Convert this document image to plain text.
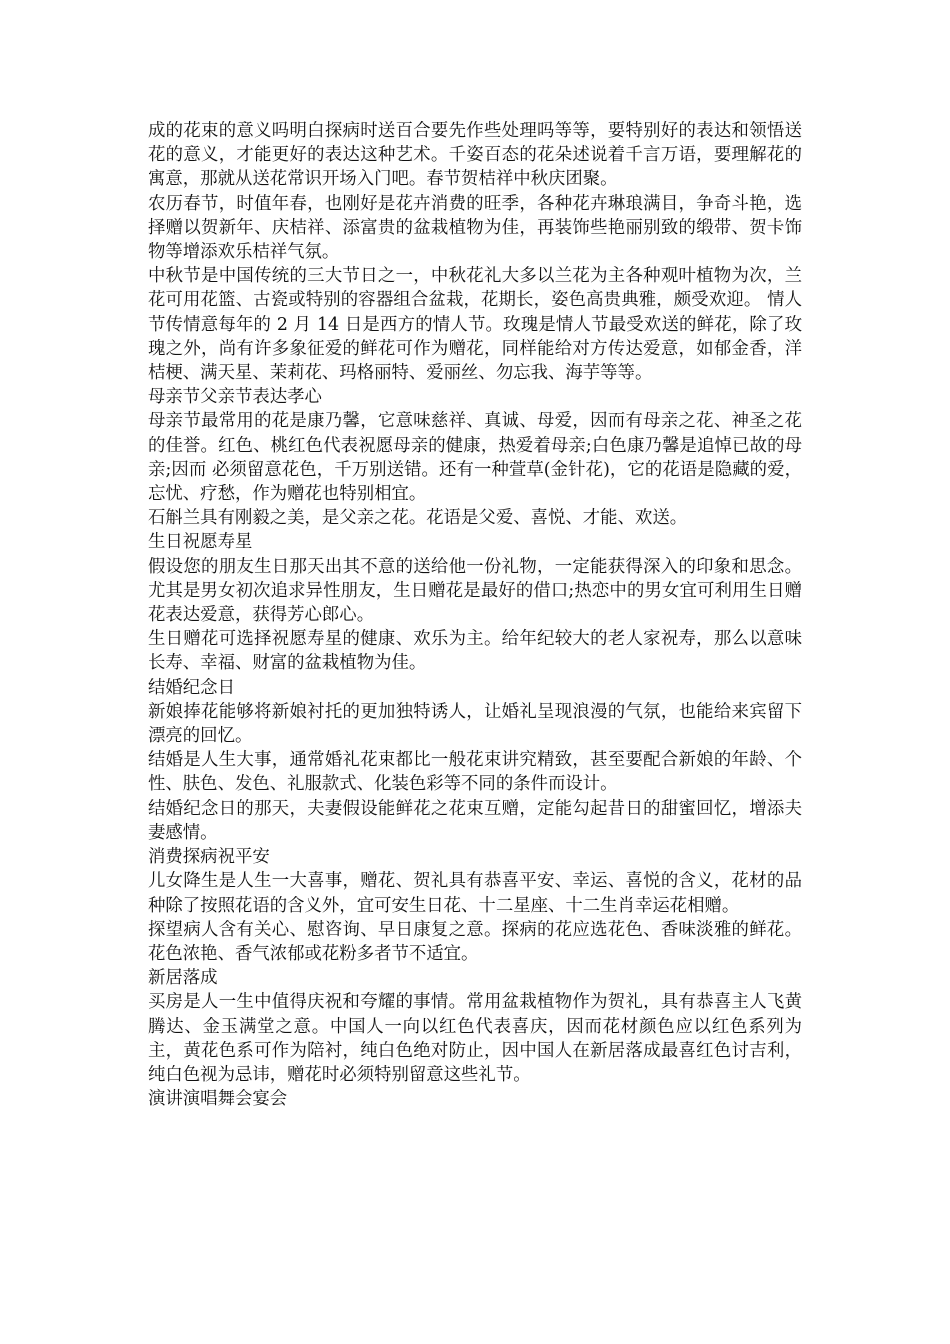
成的花束的意义吗明白探病时送百合要先作些处理吗等等，要特别好的表达和领悟送花的意义，才能更好的表达这种艺术。千姿百态的花朵述说着千言万语，要理解花的寓意，那就从送花常识开场入门吧。春节贺桔祥中秋庆团聚。

农历春节，时值年春，也刚好是花卉消费的旺季，各种花卉琳琅满目，争奇斗艳，选择赠以贺新年、庆桔祥、添富贵的盆栽植物为佳，再装饰些艳丽别致的缎带、贺卡饰物等增添欢乐桔祥气氛。

中秋节是中国传统的三大节日之一，中秋花礼大多以兰花为主各种观叶植物为次，兰花可用花篮、古瓷或特别的容器组合盆栽，花期长，姿色高贵典雅，颇受欢迎。 情人节传情意每年的 2 月 14 日是西方的情人节。玫瑰是情人节最受欢送的鲜花，除了玫瑰之外，尚有许多象征爱的鲜花可作为赠花，同样能给对方传达爱意，如郁金香，洋桔梗、满天星、茉莉花、玛格丽特、爱丽丝、勿忘我、海芋等等。

母亲节父亲节表达孝心

母亲节最常用的花是康乃馨，它意味慈祥、真诚、母爱，因而有母亲之花、神圣之花的佳誉。红色、桃红色代表祝愿母亲的健康，热爱着母亲;白色康乃馨是追悼已故的母亲;因而 必须留意花色，千万别送错。还有一种萱草(金针花)，它的花语是隐藏的爱，忘忧、疗愁，作为赠花也特别相宜。

石斛兰具有刚毅之美，是父亲之花。花语是父爱、喜悦、才能、欢送。

生日祝愿寿星

假设您的朋友生日那天出其不意的送给他一份礼物，一定能获得深入的印象和思念。尤其是男女初次追求异性朋友，生日赠花是最好的借口;热恋中的男女宜可利用生日赠花表达爱意，获得芳心郎心。

生日赠花可选择祝愿寿星的健康、欢乐为主。给年纪较大的老人家祝寿，那么以意味长寿、幸福、财富的盆栽植物为佳。

结婚纪念日

新娘捧花能够将新娘衬托的更加独特诱人，让婚礼呈现浪漫的气氛，也能给来宾留下漂亮的回忆。

结婚是人生大事，通常婚礼花束都比一般花束讲究精致，甚至要配合新娘的年龄、个性、肤色、发色、礼服款式、化装色彩等不同的条件而设计。

结婚纪念日的那天，夫妻假设能鲜花之花束互赠，定能勾起昔日的甜蜜回忆，增添夫妻感情。

消费探病祝平安

儿女降生是人生一大喜事，赠花、贺礼具有恭喜平安、幸运、喜悦的含义，花材的品种除了按照花语的含义外，宜可安生日花、十二星座、十二生肖幸运花相赠。

探望病人含有关心、慰咨询、早日康复之意。探病的花应选花色、香味淡雅的鲜花。花色浓艳、香气浓郁或花粉多者节不适宜。

新居落成

买房是人一生中值得庆祝和夸耀的事情。常用盆栽植物作为贺礼，具有恭喜主人飞黄腾达、金玉满堂之意。中国人一向以红色代表喜庆，因而花材颜色应以红色系列为主，黄花色系可作为陪衬，纯白色绝对防止，因中国人在新居落成最喜红色讨吉利，纯白色视为忌讳，赠花时必须特别留意这些礼节。

演讲演唱舞会宴会
